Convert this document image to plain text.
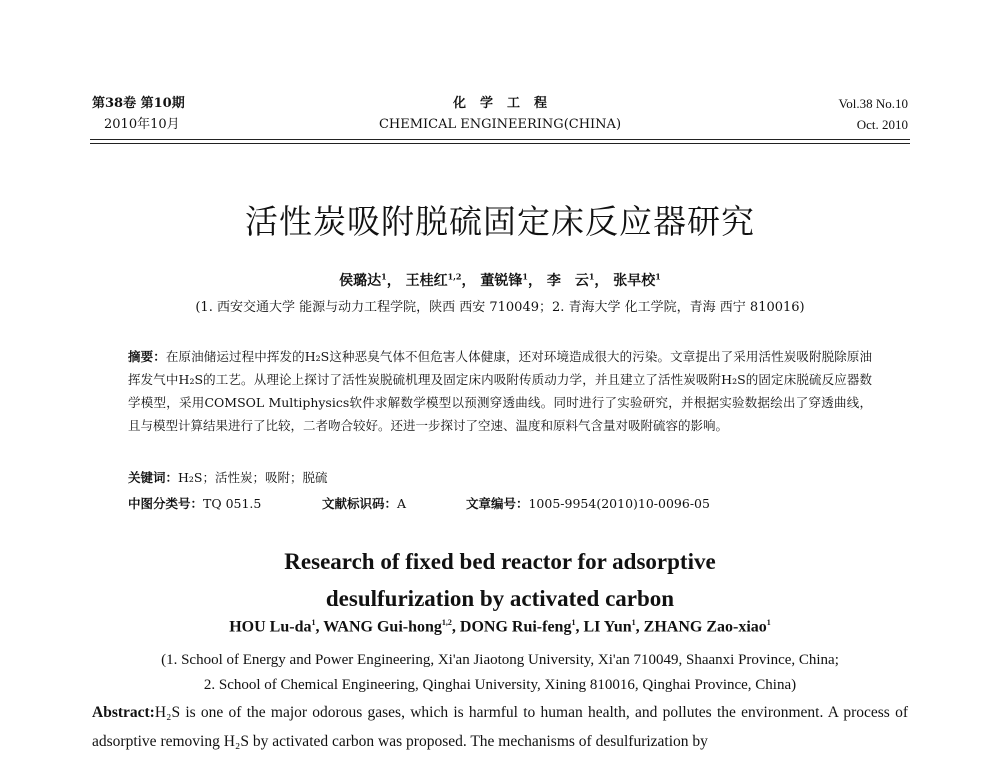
第38卷 第10期
2010年10月
化学工程
CHEMICAL ENGINEERING(CHINA)
Vol.38 No.10
Oct. 2010
活性炭吸附脱硫固定床反应器研究
侯璐达$^1$， 王桂红$^{1,2}$， 董锐锋$^1$， 李　云$^1$， 张早校$^1$
(1. 西安交通大学 能源与动力工程学院，陕西 西安 710049；2. 青海大学 化工学院，青海 西宁 810016)
摘要：在原油储运过程中挥发的H₂S这种恶臭气体不但危害人体健康，还对环境造成很大的污染。文章提出了采用活性炭吸附脱除原油挥发气中H₂S的工艺。从理论上探讨了活性炭脱硫机理及固定床内吸附传质动力学，并且建立了活性炭吸附H₂S的固定床脱硫反应器数学模型，采用COMSOL Multiphysics软件求解数学模型以预测穿透曲线。同时进行了实验研究，并根据实验数据绘出了穿透曲线，且与模型计算结果进行了比较，二者吻合较好。还进一步探讨了空速、温度和原料气含量对吸附硫容的影响。
关键词：H₂S；活性炭；吸附；脱硫
中图分类号：TQ 051.5	文献标识码：A	文章编号：1005-9954(2010)10-0096-05
Research of fixed bed reactor for adsorptive
desulfurization by activated carbon
HOU $Lu-da^1$, WANG Gui-hong$^{1,2}$, DONG Rui-feng$^1$, LI Yun$^1$, ZHANG Zao-xiao$^1$
(1. School of Energy and Power Engineering, Xi'an Jiaotong University, Xi'an 710049, Shaanxi Province, China;
2. School of Chemical Engineering, Qinghai University, Xining 810016, Qinghai Province, China)
Abstract:H₂S is one of the major odorous gases, which is harmful to human health, and pollutes the environment. A process of adsorptive removing H₂S by activated carbon was proposed. The mechanisms of desulfurization by
